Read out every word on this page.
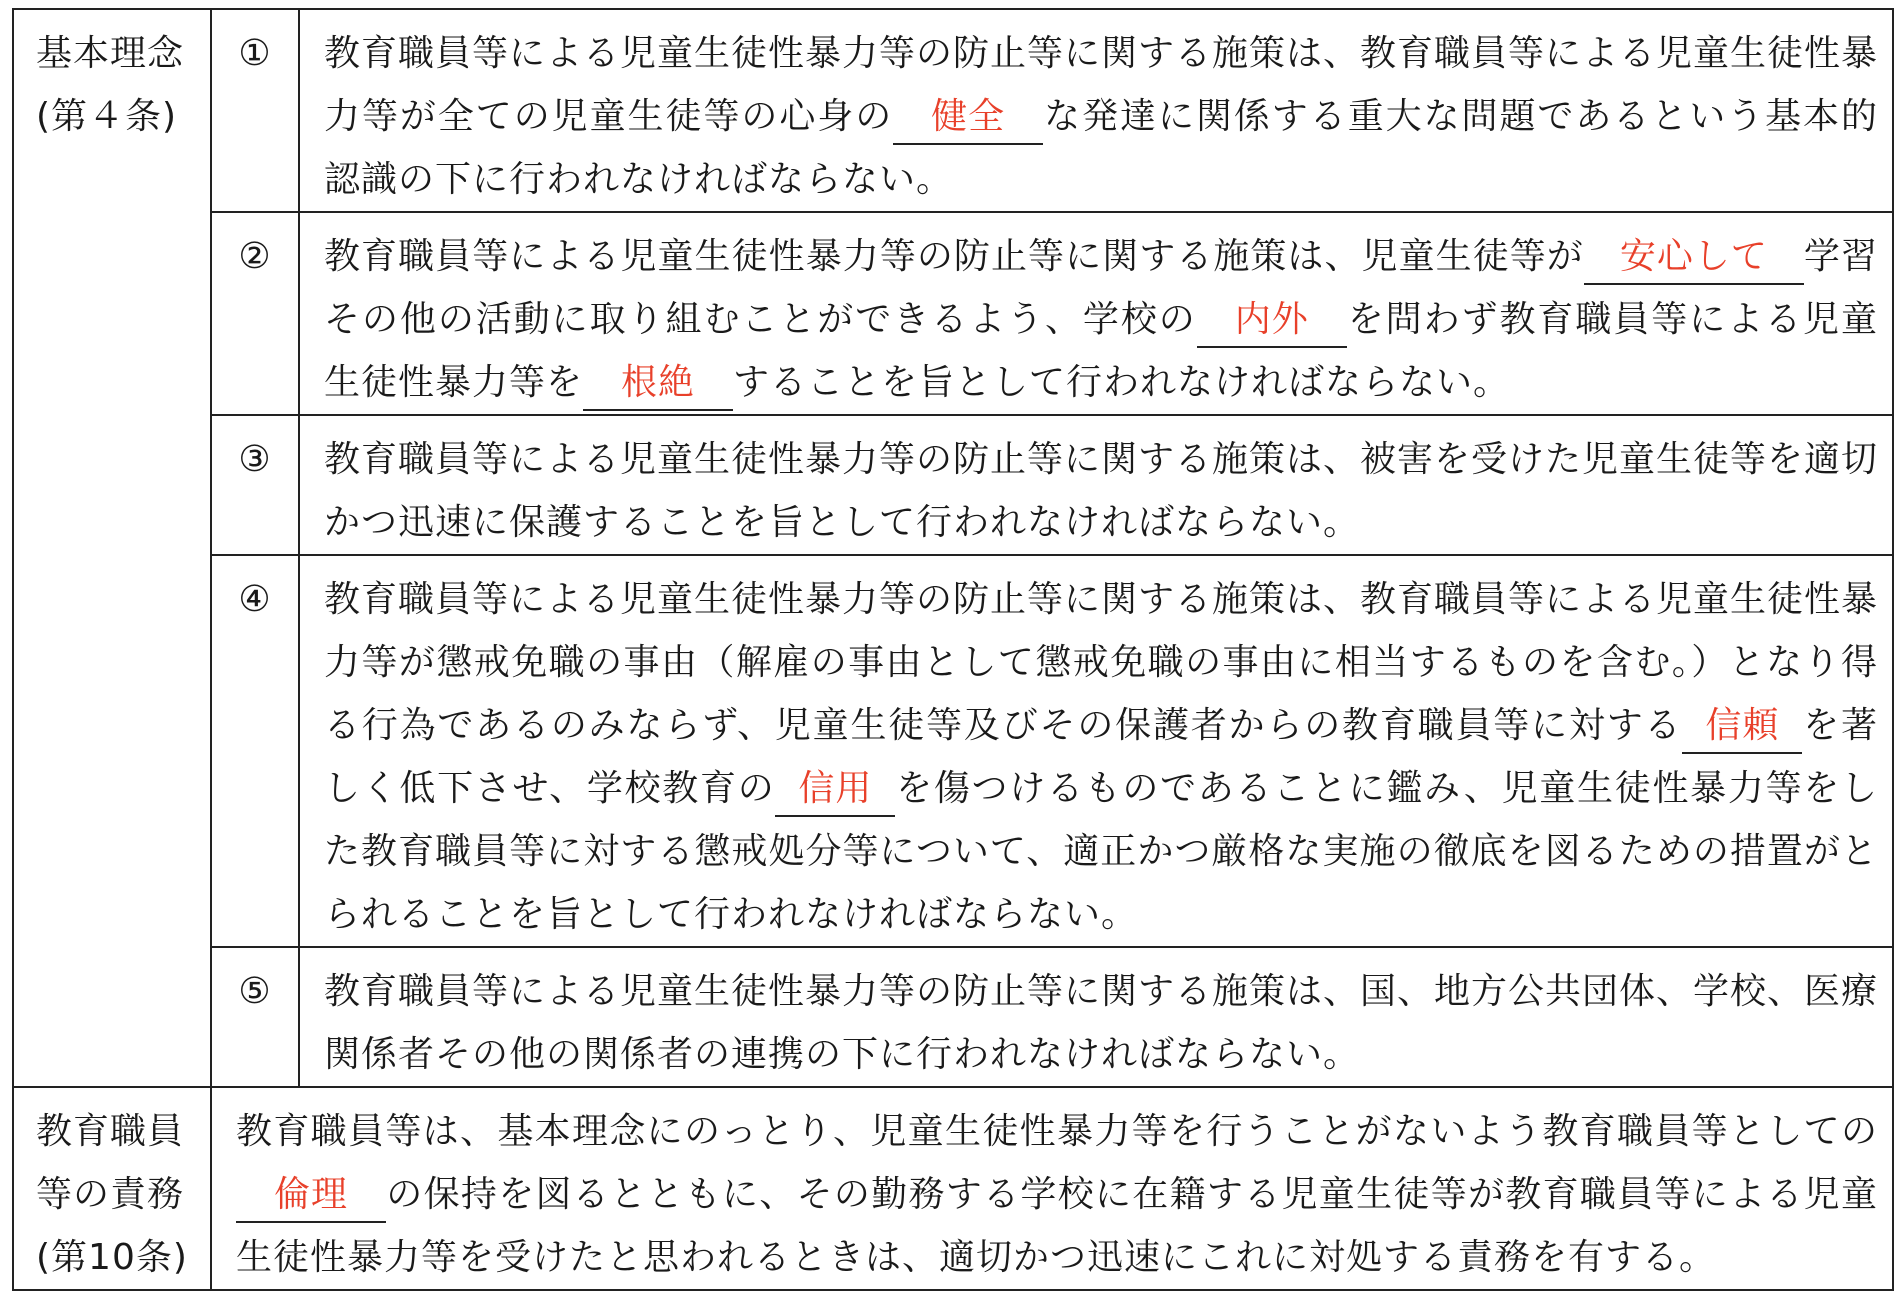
基本理念
(第４条)	①	教育職員等による児童生徒性暴力等の防止等に関する施策は、教育職員等による児童生徒性暴力等が全ての児童生徒等の心身の 健全 な発達に関係する重大な問題であるという基本的認識の下に行われなければならない。
	②	教育職員等による児童生徒性暴力等の防止等に関する施策は、児童生徒等が 安心して 学習その他の活動に取り組むことができるよう、学校の 内外 を問わず教育職員等による児童生徒性暴力等を 根絶 することを旨として行われなければならない。
	③	教育職員等による児童生徒性暴力等の防止等に関する施策は、被害を受けた児童生徒等を適切かつ迅速に保護することを旨として行われなければならない。
	④	教育職員等による児童生徒性暴力等の防止等に関する施策は、教育職員等による児童生徒性暴力等が懲戒免職の事由（解雇の事由として懲戒免職の事由に相当するものを含む。）となり得る行為であるのみならず、児童生徒等及びその保護者からの教育職員等に対する 信頼 を著しく低下させ、学校教育の 信用 を傷つけるものであることに鑑み、児童生徒性暴力等をした教育職員等に対する懲戒処分等について、適正かつ厳格な実施の徹底を図るための措置がとられることを旨として行われなければならない。
	⑤	教育職員等による児童生徒性暴力等の防止等に関する施策は、国、地方公共団体、学校、医療関係者その他の関係者の連携の下に行われなければならない。

教育職員
等の責務
(第10条)	教育職員等は、基本理念にのっとり、児童生徒性暴力等を行うことがないよう教育職員等としての倫理 の保持を図るとともに、その勤務する学校に在籍する児童生徒等が教育職員等による児童生徒性暴力等を受けたと思われるときは、適切かつ迅速にこれに対処する責務を有する。	
